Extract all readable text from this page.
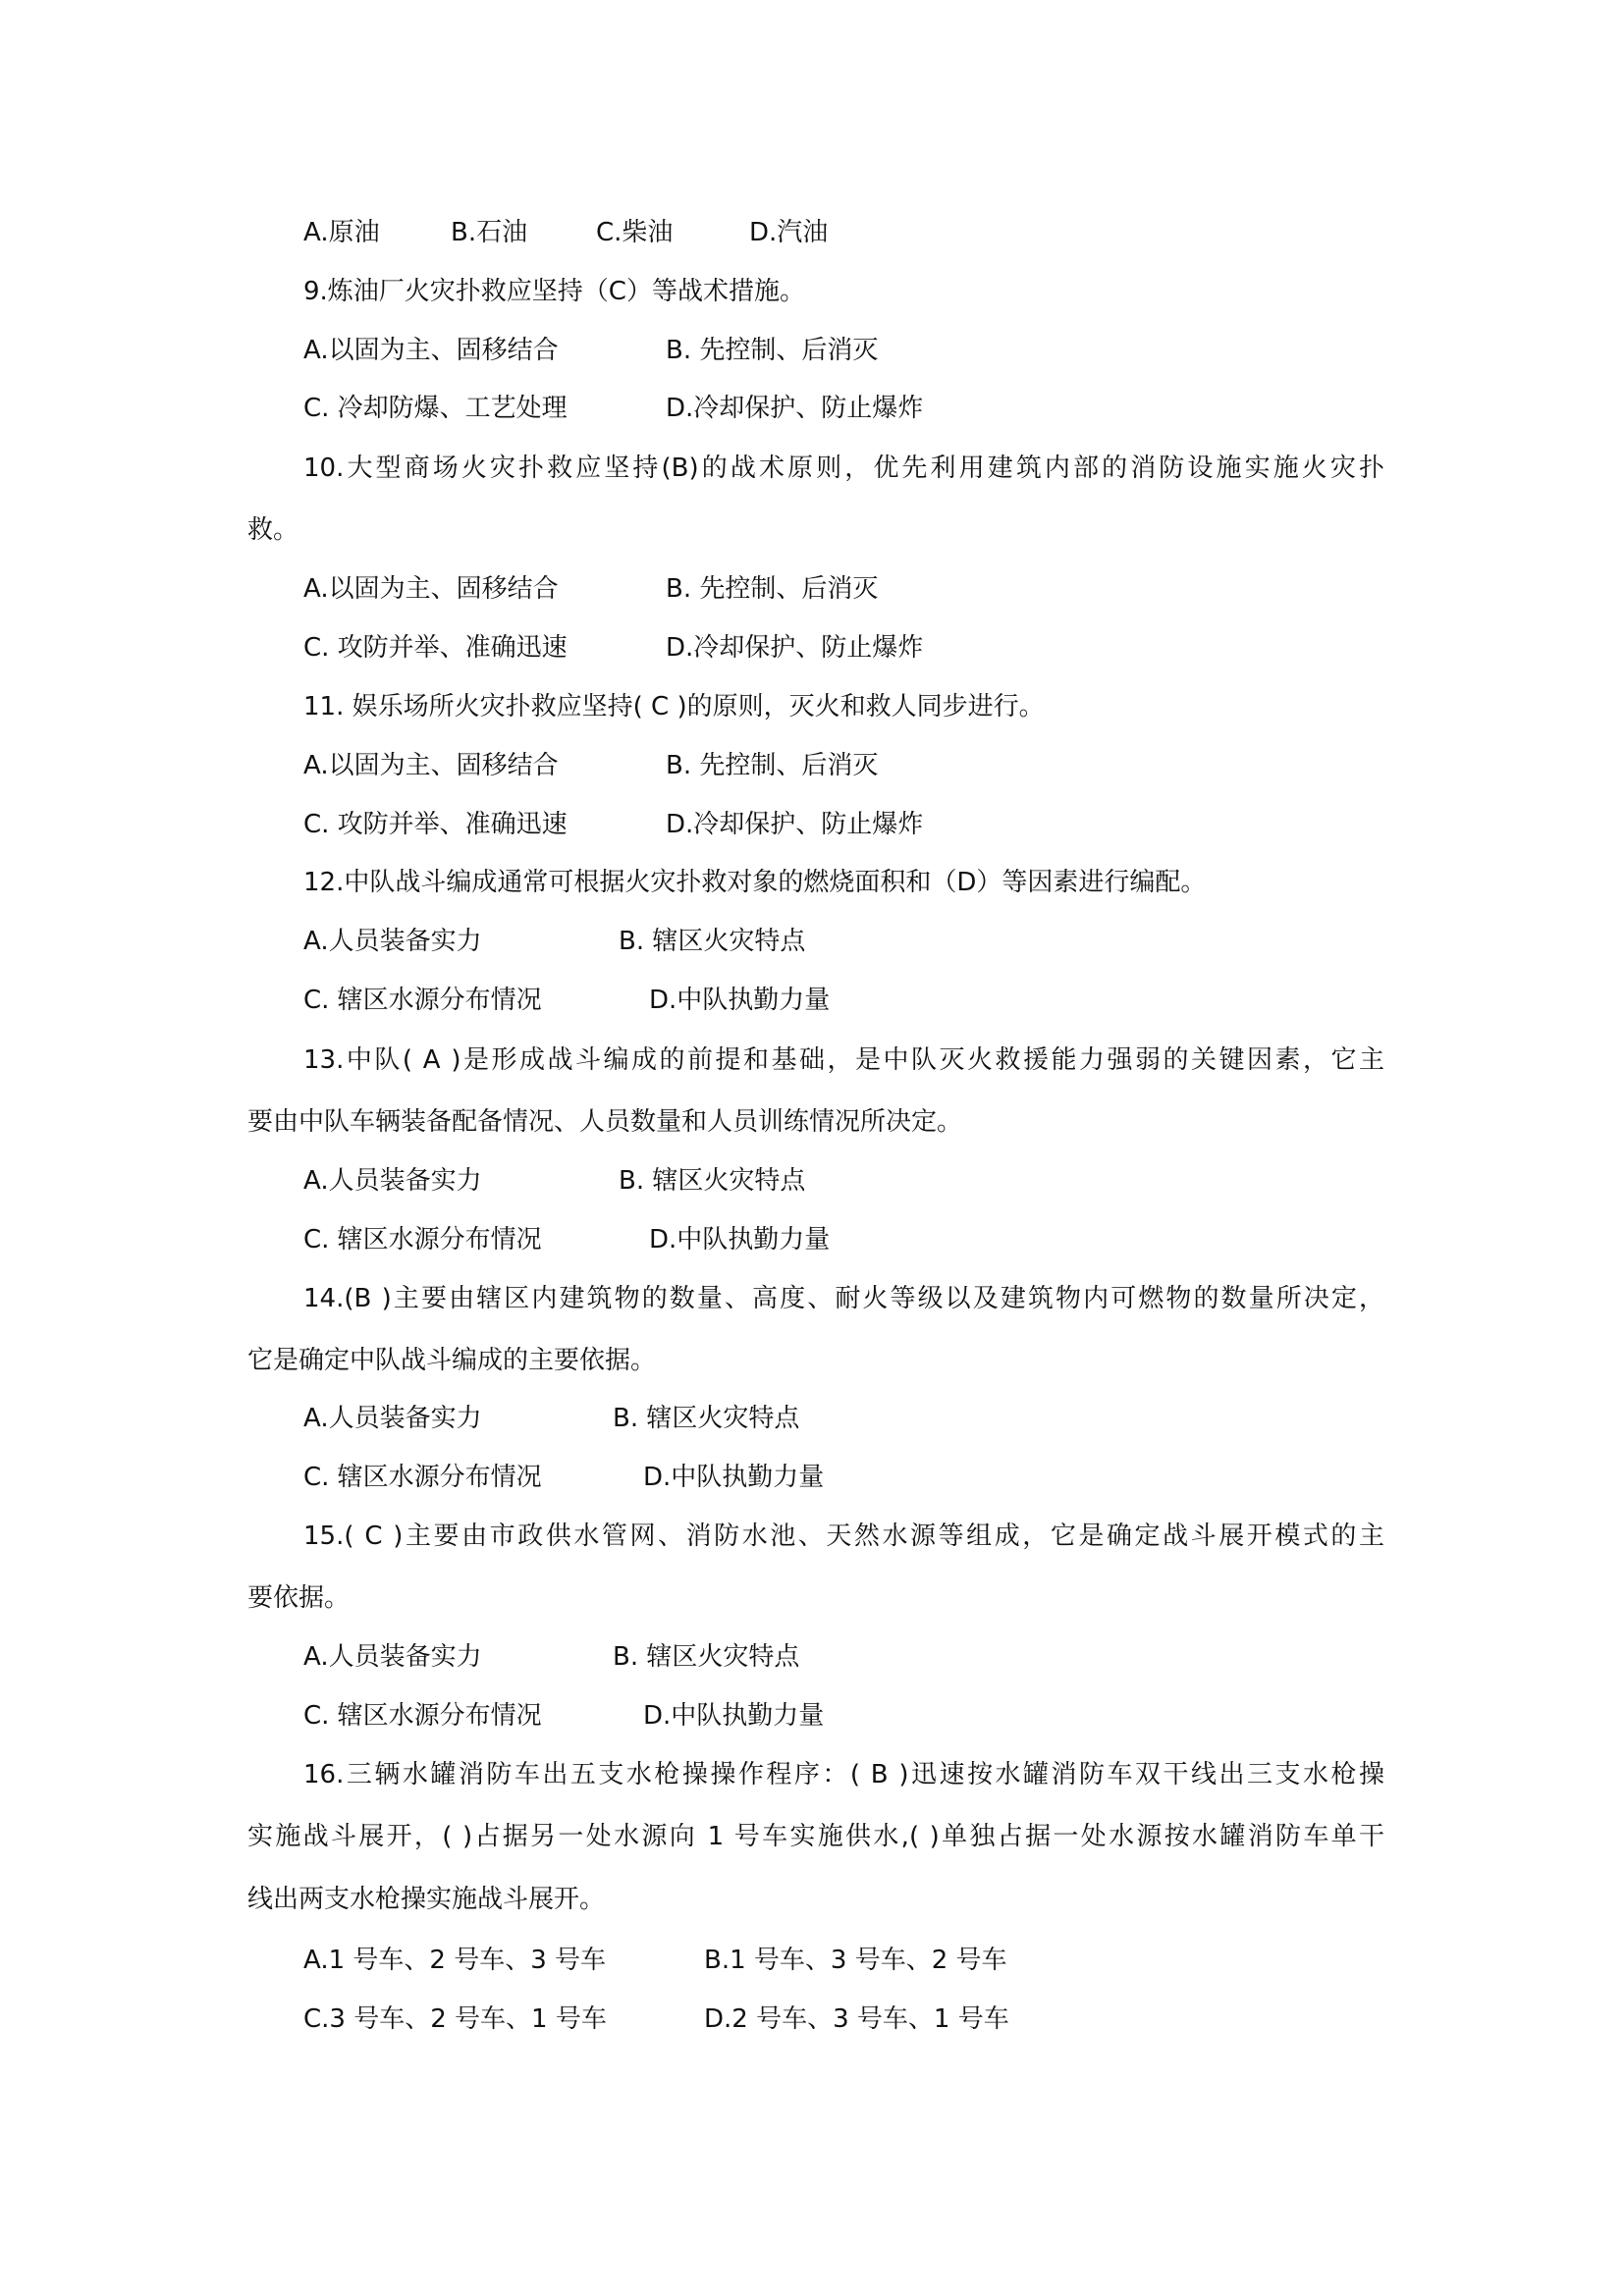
A.原油	B.石油	C.柴油	D.汽油
9.炼油厂火灾扑救应坚持（C）等战术措施。
A.以固为主、固移结合	B. 先控制、后消灭
C. 冷却防爆、工艺处理	D.冷却保护、防止爆炸
10.大型商场火灾扑救应坚持(B)的战术原则，优先利用建筑内部的消防设施实施火灾扑
救。
A.以固为主、固移结合	B. 先控制、后消灭
C. 攻防并举、准确迅速	D.冷却保护、防止爆炸
11. 娱乐场所火灾扑救应坚持( C )的原则，灭火和救人同步进行。
A.以固为主、固移结合	B. 先控制、后消灭
C. 攻防并举、准确迅速	D.冷却保护、防止爆炸
12.中队战斗编成通常可根据火灾扑救对象的燃烧面积和（D）等因素进行编配。
A.人员装备实力	B. 辖区火灾特点
C. 辖区水源分布情况	D.中队执勤力量
13.中队( A )是形成战斗编成的前提和基础，是中队灭火救援能力强弱的关键因素，它主
要由中队车辆装备配备情况、人员数量和人员训练情况所决定。
A.人员装备实力	B. 辖区火灾特点
C. 辖区水源分布情况	D.中队执勤力量
14.(B )主要由辖区内建筑物的数量、高度、耐火等级以及建筑物内可燃物的数量所决定，
它是确定中队战斗编成的主要依据。
A.人员装备实力	B. 辖区火灾特点
C. 辖区水源分布情况	D.中队执勤力量
15.( C )主要由市政供水管网、消防水池、天然水源等组成，它是确定战斗展开模式的主
要依据。
A.人员装备实力	B. 辖区火灾特点
C. 辖区水源分布情况	D.中队执勤力量
16.三辆水罐消防车出五支水枪操操作程序：( B )迅速按水罐消防车双干线出三支水枪操
实施战斗展开，( )占据另一处水源向 1 号车实施供水,( )单独占据一处水源按水罐消防车单干
线出两支水枪操实施战斗展开。
A.1 号车、2 号车、3 号车	B.1 号车、3 号车、2 号车
C.3 号车、2 号车、1 号车	D.2 号车、3 号车、1 号车
